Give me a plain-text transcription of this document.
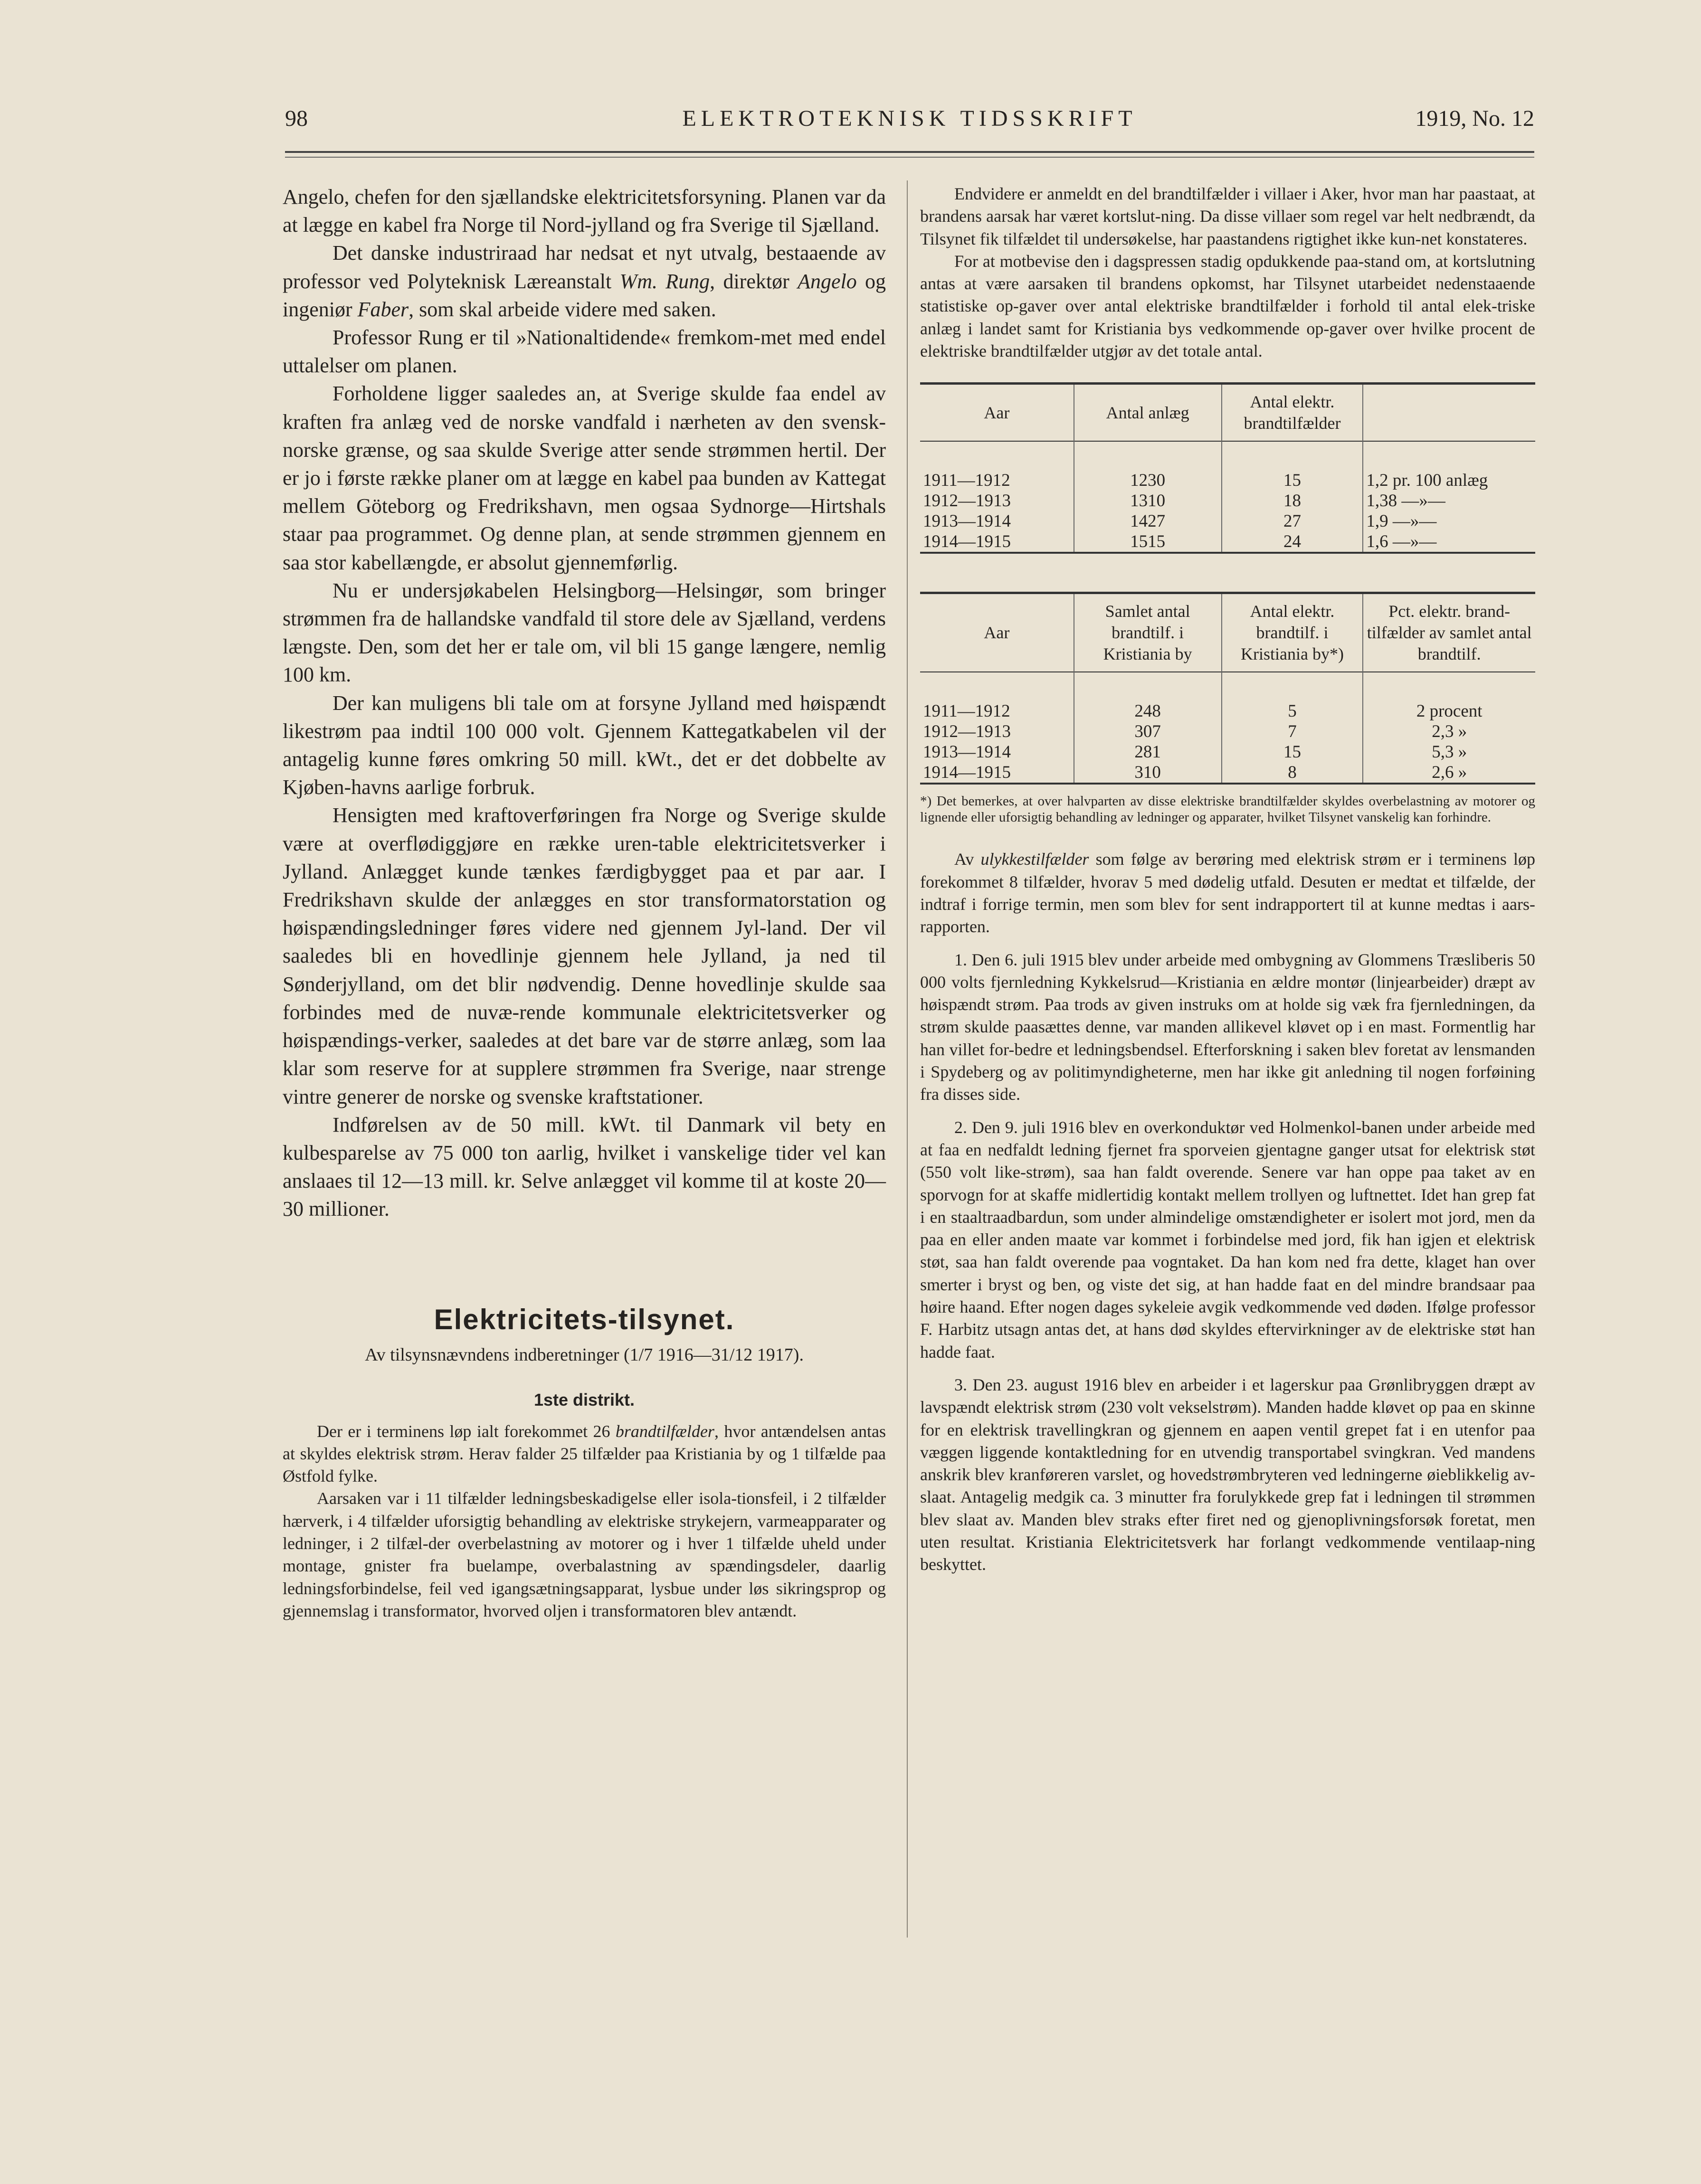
98	ELEKTROTEKNISK TIDSSKRIFT	1919, No. 12

Angelo, chefen for den sjællandske elektricitetsforsyning. Planen var da at lægge en kabel fra Norge til Nord-jylland og fra Sverige til Sjælland.

Det danske industriraad har nedsat et nyt utvalg, bestaaende av professor ved Polyteknisk Læreanstalt Wm. Rung, direktør Angelo og ingeniør Faber, som skal arbeide videre med saken.

Professor Rung er til »Nationaltidende« fremkom-met med endel uttalelser om planen.

Forholdene ligger saaledes an, at Sverige skulde faa endel av kraften fra anlæg ved de norske vandfald i nærheten av den svensk-norske grænse, og saa skulde Sverige atter sende strømmen hertil. Der er jo i første række planer om at lægge en kabel paa bunden av Kattegat mellem Göteborg og Fredrikshavn, men ogsaa Sydnorge—Hirtshals staar paa programmet. Og denne plan, at sende strømmen gjennem en saa stor kabellængde, er absolut gjennemførlig.

Nu er undersjøkabelen Helsingborg—Helsingør, som bringer strømmen fra de hallandske vandfald til store dele av Sjælland, verdens længste. Den, som det her er tale om, vil bli 15 gange længere, nemlig 100 km.

Der kan muligens bli tale om at forsyne Jylland med høispændt likestrøm paa indtil 100 000 volt. Gjennem Kattegatkabelen vil der antagelig kunne føres omkring 50 mill. kWt., det er det dobbelte av Kjøben-havns aarlige forbruk.

Hensigten med kraftoverføringen fra Norge og Sverige skulde være at overflødiggjøre en række uren-table elektricitetsverker i Jylland. Anlægget kunde tænkes færdigbygget paa et par aar. I Fredrikshavn skulde der anlægges en stor transformatorstation og høispændingsledninger føres videre ned gjennem Jyl-land. Der vil saaledes bli en hovedlinje gjennem hele Jylland, ja ned til Sønderjylland, om det blir nødvendig. Denne hovedlinje skulde saa forbindes med de nuvæ-rende kommunale elektricitetsverker og høispændings-verker, saaledes at det bare var de større anlæg, som laa klar som reserve for at supplere strømmen fra Sverige, naar strenge vintre generer de norske og svenske kraftstationer.

Indførelsen av de 50 mill. kWt. til Danmark vil bety en kulbesparelse av 75 000 ton aarlig, hvilket i vanskelige tider vel kan anslaaes til 12—13 mill. kr. Selve anlægget vil komme til at koste 20—30 millioner.

Elektricitets-tilsynet.
Av tilsynsnævndens indberetninger (1/7 1916—31/12 1917).
1ste distrikt.

Der er i terminens løp ialt forekommet 26 brandtilfælder, hvor antændelsen antas at skyldes elektrisk strøm. Herav falder 25 tilfælder paa Kristiania by og 1 tilfælde paa Østfold fylke.

Aarsaken var i 11 tilfælder ledningsbeskadigelse eller isola-tionsfeil, i 2 tilfælder hærverk, i 4 tilfælder uforsigtig behandling av elektriske strykejern, varmeapparater og ledninger, i 2 tilfæl-der overbelastning av motorer og i hver 1 tilfælde uheld under montage, gnister fra buelampe, overbalastning av spændingsdeler, daarlig ledningsforbindelse, feil ved igangsætningsapparat, lysbue under løs sikringsprop og gjennemslag i transformator, hvorved oljen i transformatoren blev antændt.

Endvidere er anmeldt en del brandtilfælder i villaer i Aker, hvor man har paastaat, at brandens aarsak har været kortslut-ning. Da disse villaer som regel var helt nedbrændt, da Tilsynet fik tilfældet til undersøkelse, har paastandens rigtighet ikke kun-net konstateres.

For at motbevise den i dagspressen stadig opdukkende paa-stand om, at kortslutning antas at være aarsaken til brandens opkomst, har Tilsynet utarbeidet nedenstaaende statistiske op-gaver over antal elektriske brandtilfælder i forhold til antal elek-triske anlæg i landet samt for Kristiania bys vedkommende op-gaver over hvilke procent de elektriske brandtilfælder utgjør av det totale antal.

Aar	Antal anlæg	Antal elektr. brandtilfælder	
1911—1912	1230	15	1,2 pr. 100 anlæg
1912—1913	1310	18	1,38 —»—
1913—1914	1427	27	1,9 —»—
1914—1915	1515	24	1,6 —»—
Aar	Samlet antal brandtilf. i Kristiania by	Antal elektr. brandtilf. i Kristiania by*)	Pct. elektr. brand-tilfælder av samlet antal brandtilf.
1911—1912	248	5	2 procent
1912—1913	307	7	2,3 »
1913—1914	281	15	5,3 »
1914—1915	310	8	2,6 »

*) Det bemerkes, at over halvparten av disse elektriske brandtilfælder skyldes overbelastning av motorer og lignende eller uforsigtig behandling av ledninger og apparater, hvilket Tilsynet vanskelig kan forhindre.

Av ulykkestilfælder som følge av berøring med elektrisk strøm er i terminens løp forekommet 8 tilfælder, hvorav 5 med dødelig utfald. Desuten er medtat et tilfælde, der indtraf i forrige termin, men som blev for sent indrapportert til at kunne medtas i aars-rapporten.

1. Den 6. juli 1915 blev under arbeide med ombygning av Glommens Træsliberis 50 000 volts fjernledning Kykkelsrud—Kristiania en ældre montør (linjearbeider) dræpt av høispændt strøm. Paa trods av given instruks om at holde sig væk fra fjernledningen, da strøm skulde paasættes denne, var manden allikevel kløvet op i en mast. Formentlig har han villet for-bedre et ledningsbendsel. Efterforskning i saken blev foretat av lensmanden i Spydeberg og av politimyndigheterne, men har ikke git anledning til nogen forføining fra disses side.

2. Den 9. juli 1916 blev en overkonduktør ved Holmenkol-banen under arbeide med at faa en nedfaldt ledning fjernet fra sporveien gjentagne ganger utsat for elektrisk støt (550 volt like-strøm), saa han faldt overende. Senere var han oppe paa taket av en sporvogn for at skaffe midlertidig kontakt mellem trollyen og luftnettet. Idet han grep fat i en staaltraadbardun, som under almindelige omstændigheter er isolert mot jord, men da paa en eller anden maate var kommet i forbindelse med jord, fik han igjen et elektrisk støt, saa han faldt overende paa vogntaket. Da han kom ned fra dette, klaget han over smerter i bryst og ben, og viste det sig, at han hadde faat en del mindre brandsaar paa høire haand. Efter nogen dages sykeleie avgik vedkommende ved døden. Ifølge professor F. Harbitz utsagn antas det, at hans død skyldes eftervirkninger av de elektriske støt han hadde faat.

3. Den 23. august 1916 blev en arbeider i et lagerskur paa Grønlibryggen dræpt av lavspændt elektrisk strøm (230 volt vekselstrøm). Manden hadde kløvet op paa en skinne for en elektrisk travellingkran og gjennem en aapen ventil grepet fat i en utenfor paa væggen liggende kontaktledning for en utvendig transportabel svingkran. Ved mandens anskrik blev kranføreren varslet, og hovedstrømbryteren ved ledningerne øieblikkelig av-slaat. Antagelig medgik ca. 3 minutter fra forulykkede grep fat i ledningen til strømmen blev slaat av. Manden blev straks efter firet ned og gjenoplivningsforsøk foretat, men uten resultat. Kristiania Elektricitetsverk har forlangt vedkommende ventilaap-ning beskyttet.
